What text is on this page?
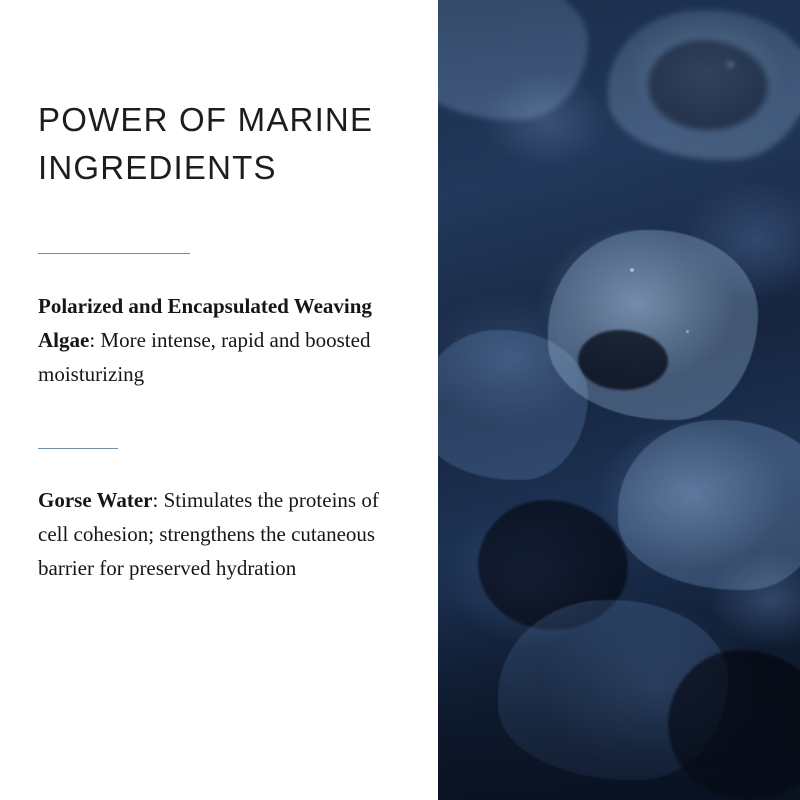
POWER OF MARINE INGREDIENTS
Polarized and Encapsulated Weaving Algae: More intense, rapid and boosted moisturizing
Gorse Water: Stimulates the proteins of cell cohesion; strengthens the cutaneous barrier for preserved hydration
